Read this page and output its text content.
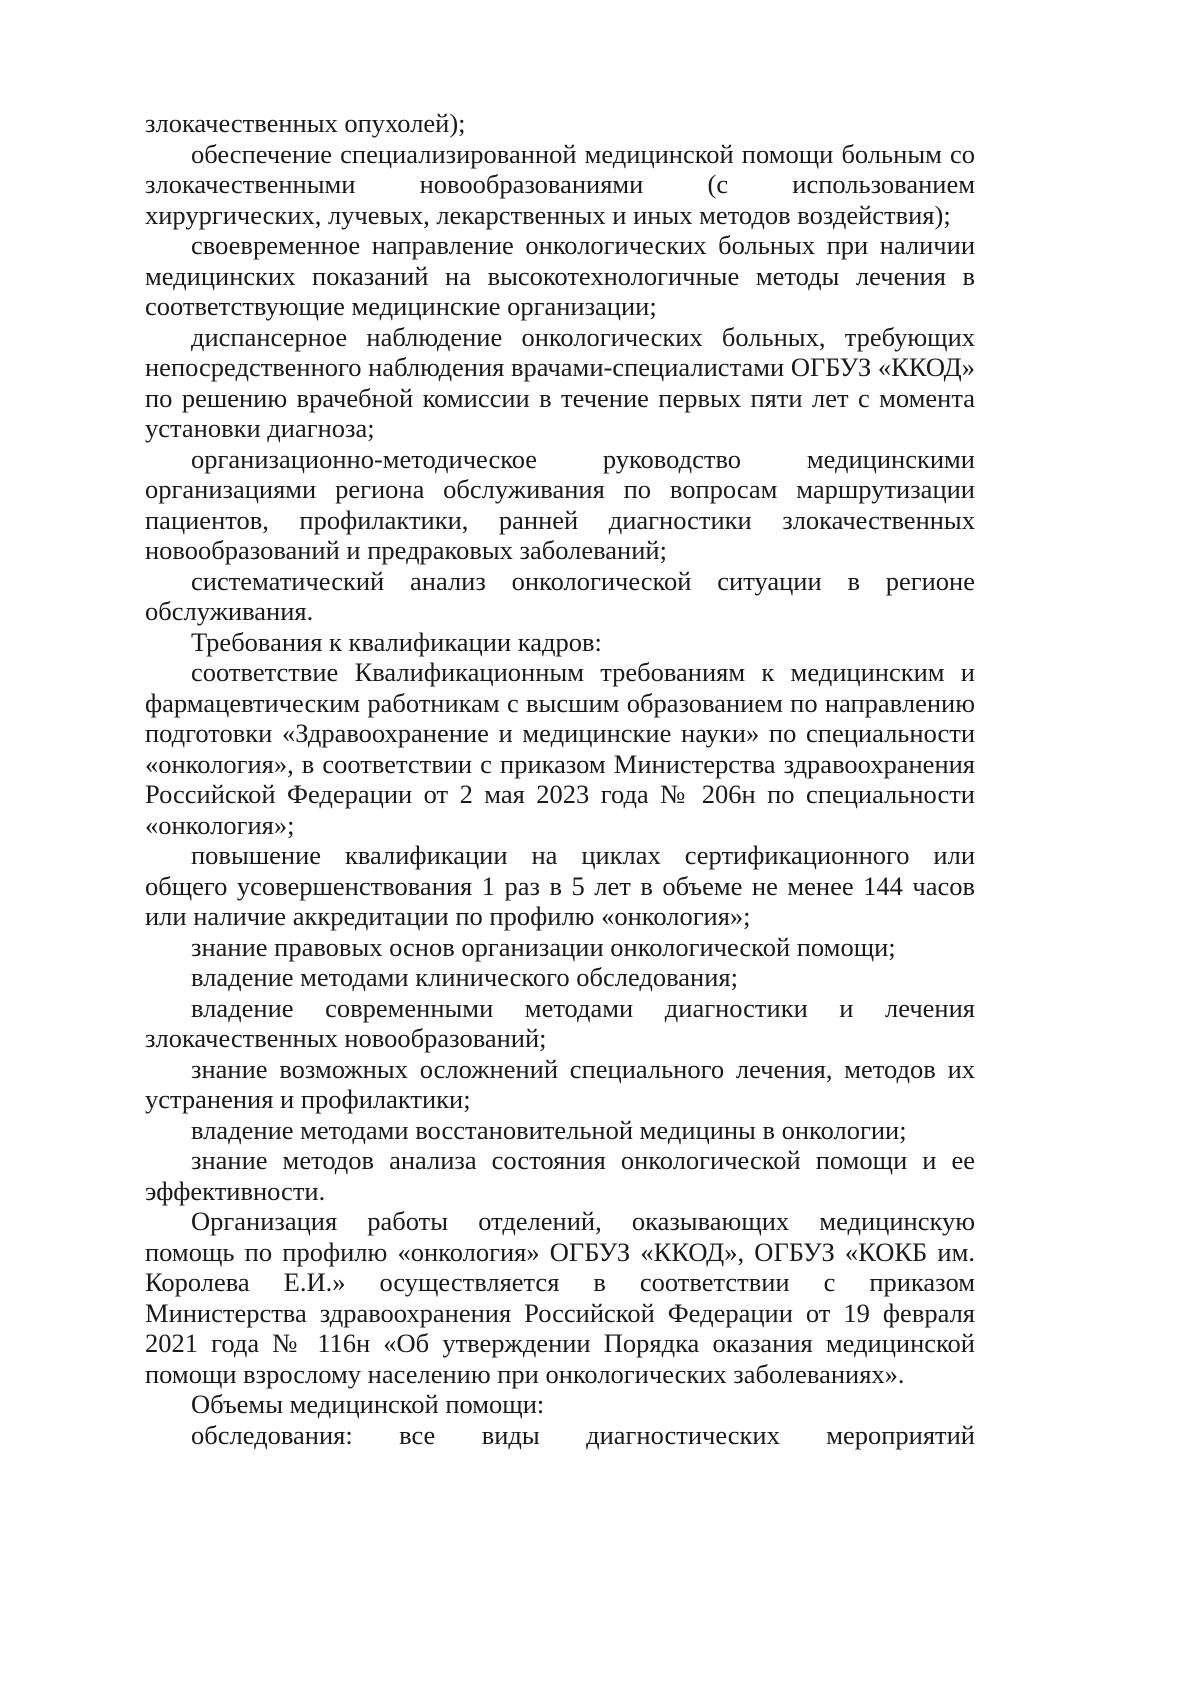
злокачественных опухолей);

обеспечение специализированной медицинской помощи больным со злокачественными новообразованиями (с использованием хирургических, лучевых, лекарственных и иных методов воздействия);

своевременное направление онкологических больных при наличии медицинских показаний на высокотехнологичные методы лечения в соответствующие медицинские организации;

диспансерное наблюдение онкологических больных, требующих непосредственного наблюдения врачами-специалистами ОГБУЗ «ККОД» по решению врачебной комиссии в течение первых пяти лет с момента установки диагноза;

организационно-методическое руководство медицинскими организациями региона обслуживания по вопросам маршрутизации пациентов, профилактики, ранней диагностики злокачественных новообразований и предраковых заболеваний;

систематический анализ онкологической ситуации в регионе обслуживания.

Требования к квалификации кадров:

соответствие Квалификационным требованиям к медицинским и фармацевтическим работникам с высшим образованием по направлению подготовки «Здравоохранение и медицинские науки» по специальности «онкология», в соответствии с приказом Министерства здравоохранения Российской Федерации от 2 мая 2023 года № 206н по специальности «онкология»;

повышение квалификации на циклах сертификационного или общего усовершенствования 1 раз в 5 лет в объеме не менее 144 часов или наличие аккредитации по профилю «онкология»;

знание правовых основ организации онкологической помощи;

владение методами клинического обследования;

владение современными методами диагностики и лечения злокачественных новообразований;

знание возможных осложнений специального лечения, методов их устранения и профилактики;

владение методами восстановительной медицины в онкологии;

знание методов анализа состояния онкологической помощи и ее эффективности.

Организация работы отделений, оказывающих медицинскую помощь по профилю «онкология» ОГБУЗ «ККОД», ОГБУЗ «КОКБ им. Королева Е.И.» осуществляется в соответствии с приказом Министерства здравоохранения Российской Федерации от 19 февраля 2021 года № 116н «Об утверждении Порядка оказания медицинской помощи взрослому населению при онкологических заболеваниях».

Объемы медицинской помощи:

обследования: все виды диагностических мероприятий
